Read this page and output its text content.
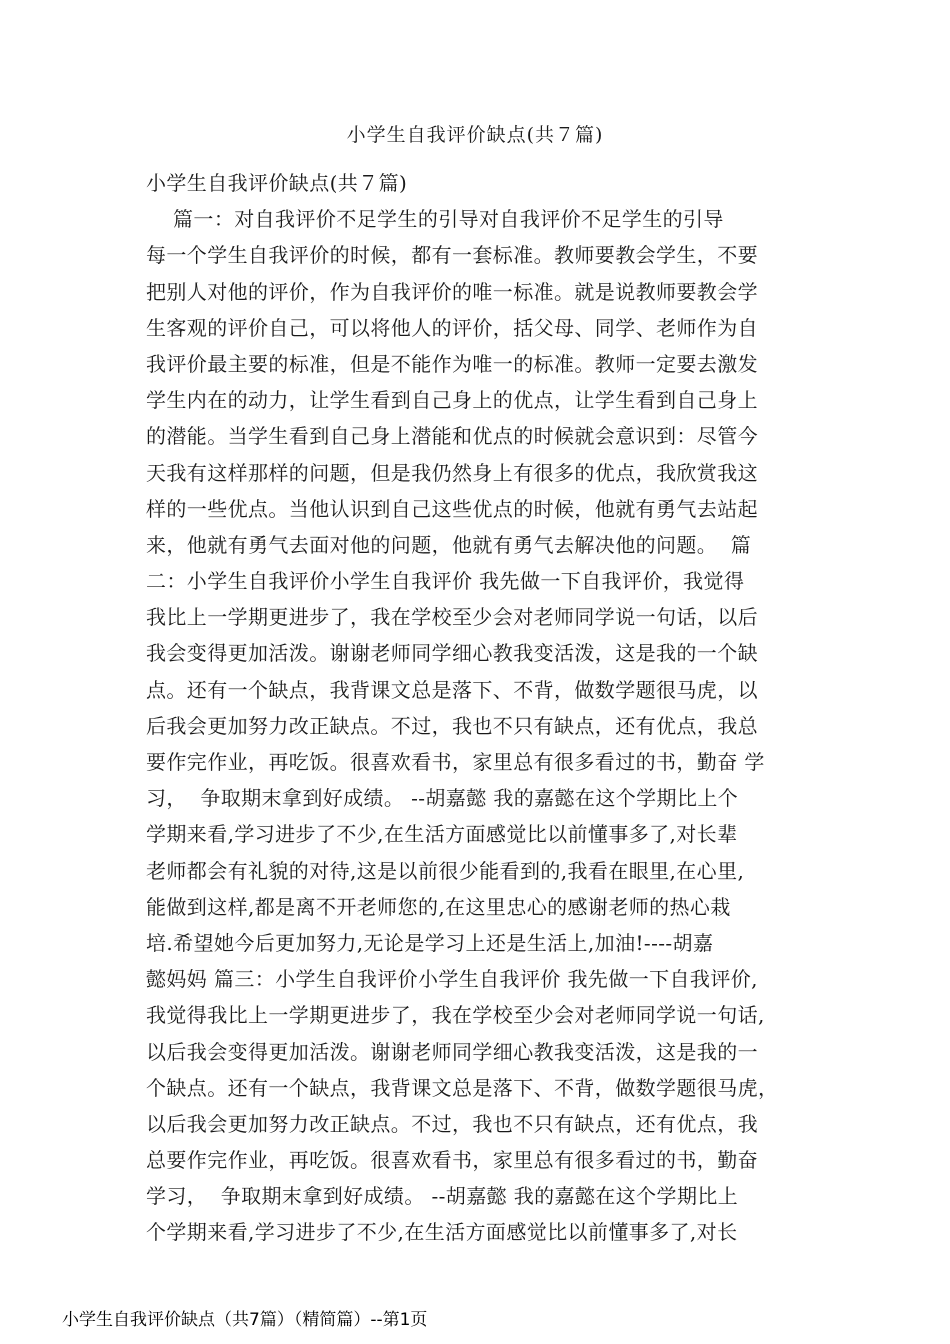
小学生自我评价缺点(共７篇)
小学生自我评价缺点(共７篇)
篇一：对自我评价不足学生的引导对自我评价不足学生的引导
每一个学生自我评价的时候，都有一套标准。教师要教会学生，不要
把别人对他的评价，作为自我评价的唯一标准。就是说教师要教会学
生客观的评价自己，可以将他人的评价，括父母、同学、老师作为自
我评价最主要的标准，但是不能作为唯一的标准。教师一定要去激发
学生内在的动力，让学生看到自己身上的优点，让学生看到自己身上
的潜能。当学生看到自己身上潜能和优点的时候就会意识到：尽管今
天我有这样那样的问题，但是我仍然身上有很多的优点，我欣赏我这
样的一些优点。当他认识到自己这些优点的时候，他就有勇气去站起
来，他就有勇气去面对他的问题，他就有勇气去解决他的问题。  篇
二：小学生自我评价小学生自我评价 我先做一下自我评价，我觉得
我比上一学期更进步了，我在学校至少会对老师同学说一句话，以后
我会变得更加活泼。谢谢老师同学细心教我变活泼，这是我的一个缺
点。还有一个缺点，我背课文总是落下、不背，做数学题很马虎，以
后我会更加努力改正缺点。不过，我也不只有缺点，还有优点，我总
要作完作业，再吃饭。很喜欢看书，家里总有很多看过的书，勤奋 学
习，  争取期末拿到好成绩。 --胡嘉懿 我的嘉懿在这个学期比上个
学期来看,学习进步了不少,在生活方面感觉比以前懂事多了,对长辈
老师都会有礼貌的对待,这是以前很少能看到的,我看在眼里,在心里,
能做到这样,都是离不开老师您的,在这里忠心的感谢老师的热心栽
培.希望她今后更加努力,无论是学习上还是生活上,加油!----胡嘉
懿妈妈 篇三：小学生自我评价小学生自我评价 我先做一下自我评价,
我觉得我比上一学期更进步了，我在学校至少会对老师同学说一句话,
以后我会变得更加活泼。谢谢老师同学细心教我变活泼，这是我的一
个缺点。还有一个缺点，我背课文总是落下、不背，做数学题很马虎，
以后我会更加努力改正缺点。不过，我也不只有缺点，还有优点，我
总要作完作业，再吃饭。很喜欢看书，家里总有很多看过的书，勤奋
学习，  争取期末拿到好成绩。 --胡嘉懿 我的嘉懿在这个学期比上
个学期来看,学习进步了不少,在生活方面感觉比以前懂事多了,对长
小学生自我评价缺点（共7篇）（精简篇）--第1页
